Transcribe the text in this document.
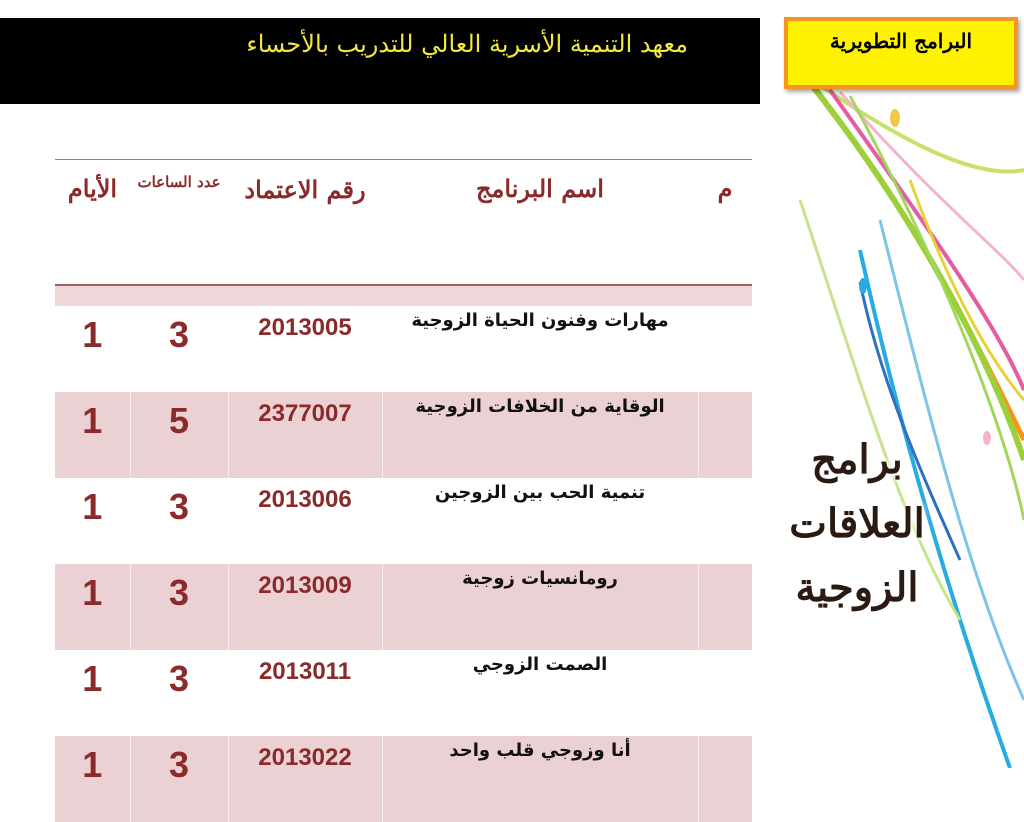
معهد التنمية الأسرية العالي للتدريب بالأحساء	البرامج التطويرية
برامج
العلاقات
الزوجية
الأيام	عدد الساعات	رقم الاعتماد	اسم البرنامج	م

1	3	2013005	مهارات وفنون الحياة الزوجية	
1	5	2377007	الوقاية من الخلافات الزوجية	
1	3	2013006	تنمية الحب بين الزوجين	
1	3	2013009	رومانسيات زوجية	
1	3	2013011	الصمت الزوجي	
1	3	2013022	أنا وزوجي قلب واحد	
